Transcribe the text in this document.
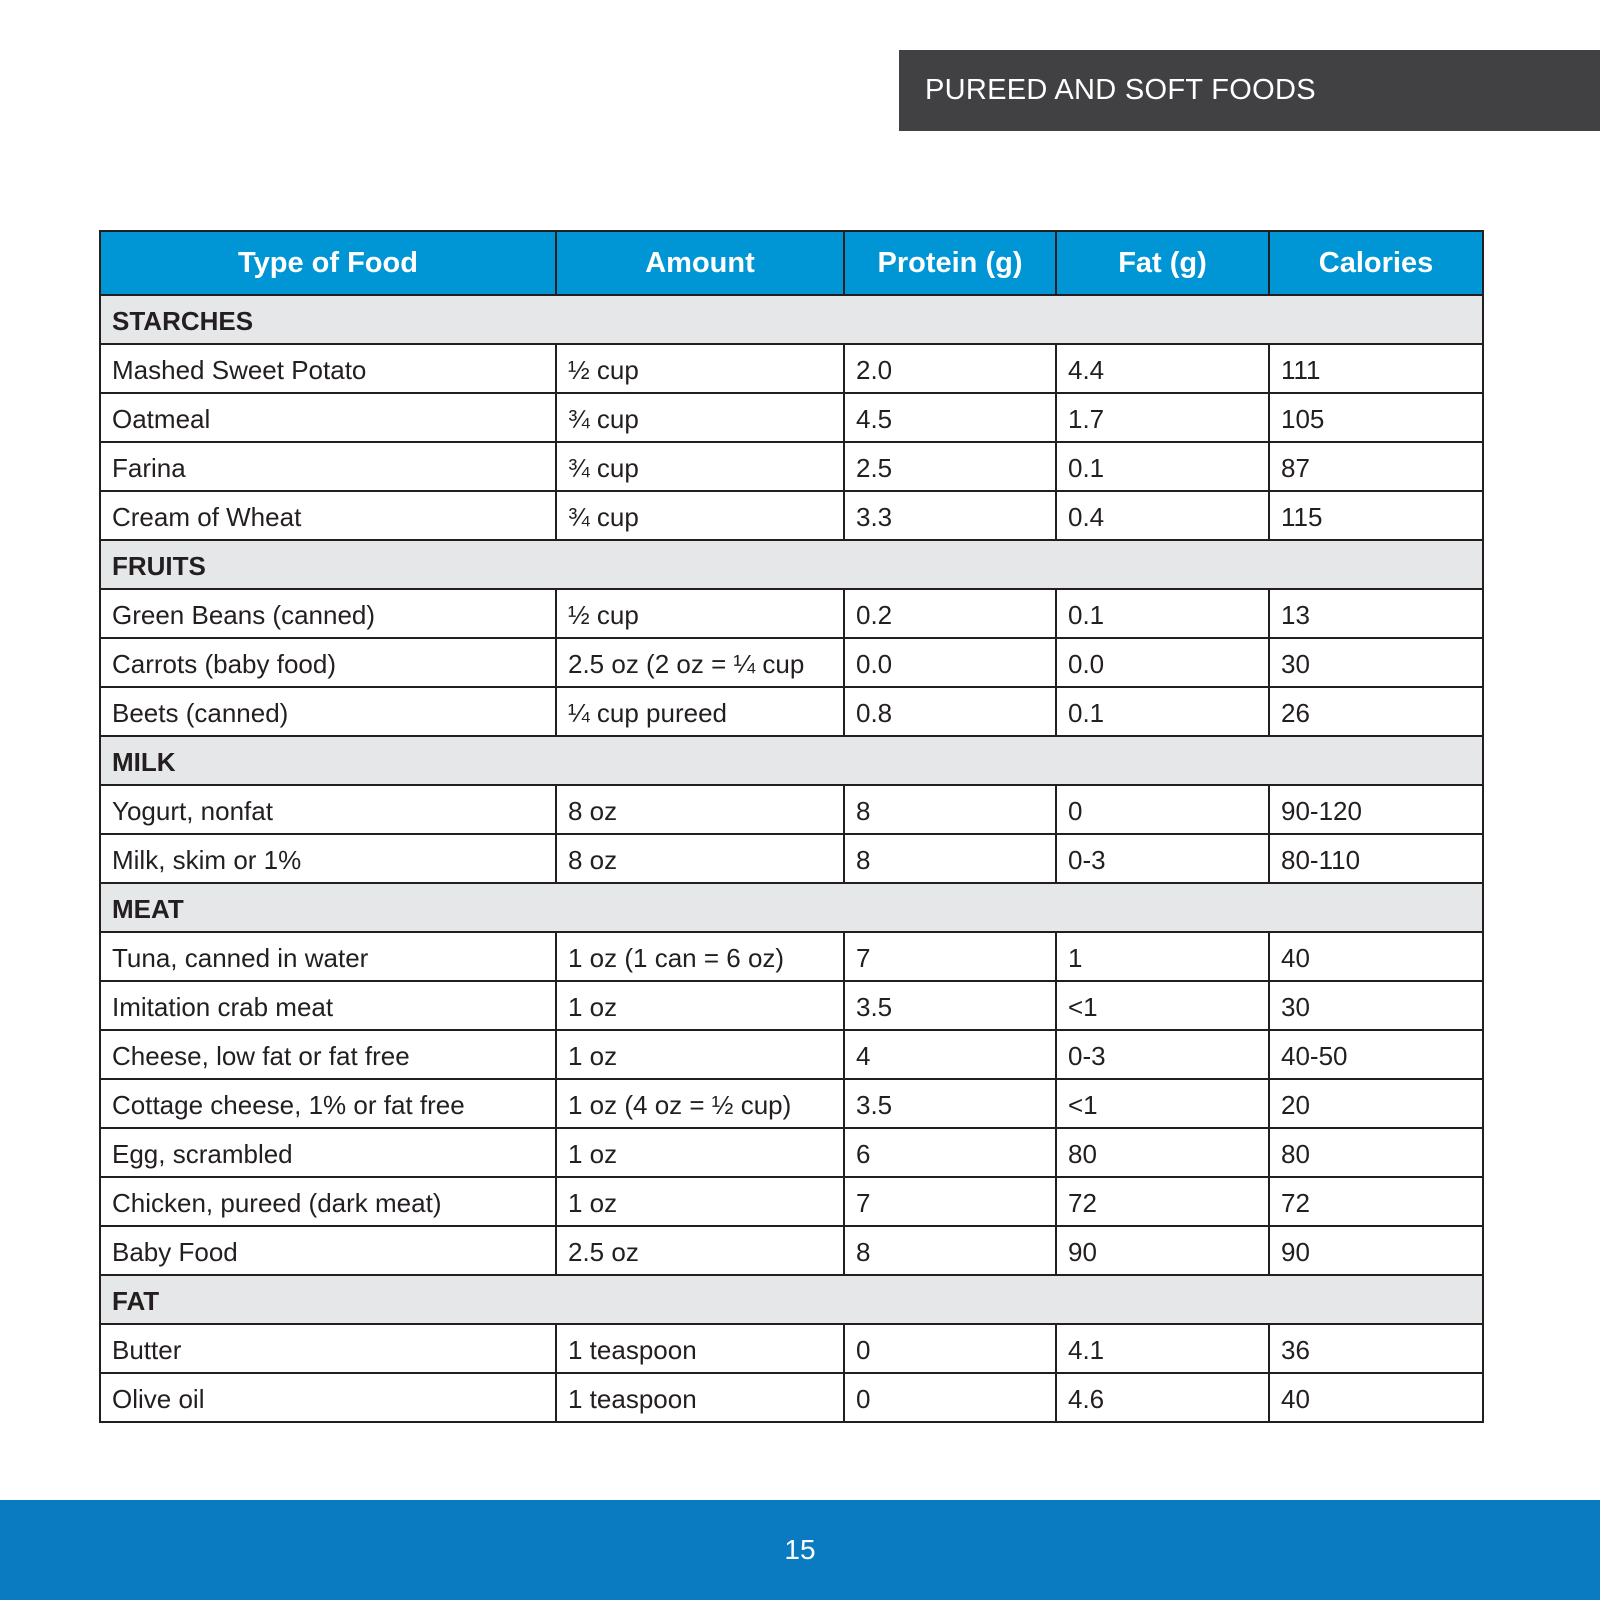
PUREED AND SOFT FOODS
Type of Food	Amount	Protein (g)	Fat (g)	Calories
STARCHES				
Mashed Sweet Potato	½ cup	2.0	4.4	111
Oatmeal	¾ cup	4.5	1.7	105
Farina	¾ cup	2.5	0.1	87
Cream of Wheat	¾ cup	3.3	0.4	115
FRUITS				
Green Beans (canned)	½ cup	0.2	0.1	13
Carrots (baby food)	2.5 oz (2 oz = ¼ cup	0.0	0.0	30
Beets (canned)	¼ cup pureed	0.8	0.1	26
MILK				
Yogurt, nonfat	8 oz	8	0	90-120
Milk, skim or 1%	8 oz	8	0-3	80-110
MEAT				
Tuna, canned in water	1 oz (1 can = 6 oz)	7	1	40
Imitation crab meat	1 oz	3.5	<1	30
Cheese, low fat or fat free	1 oz	4	0-3	40-50
Cottage cheese, 1% or fat free	1 oz (4 oz = ½ cup)	3.5	<1	20
Egg, scrambled	1 oz	6	80	80
Chicken, pureed (dark meat)	1 oz	7	72	72
Baby Food	2.5 oz	8	90	90
FAT				
Butter	1 teaspoon	0	4.1	36
Olive oil	1 teaspoon	0	4.6	40
15
